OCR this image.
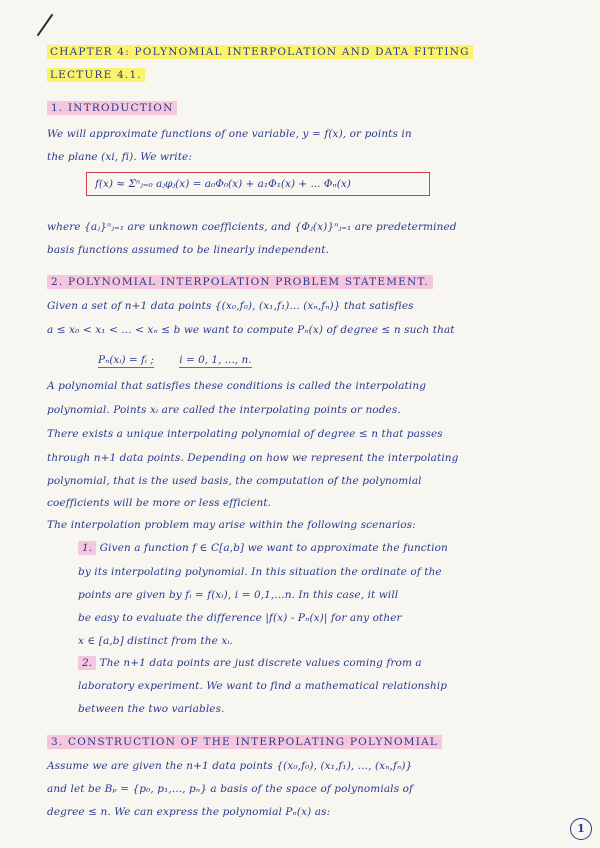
CHAPTER 4: POLYNOMIAL INTERPOLATION AND DATA FITTING
LECTURE 4.1.
1. INTRODUCTION
We will approximate functions of one variable, y = f(x), or points in
the plane (xi, fi). We write:
f(x) ≈ Σⁿⱼ₌₀ aⱼφⱼ(x) = a₀Φ₀(x) + a₁Φ₁(x) + ... Φₙ(x)
where {aⱼ}ⁿⱼ₌₁ are unknown coefficients, and {Φⱼ(x)}ⁿⱼ₌₁ are predetermined
basis functions assumed to be linearly independent.
2. POLYNOMIAL INTERPOLATION PROBLEM STATEMENT.
Given a set of n+1 data points {(x₀,f₀), (x₁,f₁)... (xₙ,fₙ)} that satisfies
a ≤ x₀ < x₁ < ... < xₙ ≤ b we want to compute Pₙ(x) of degree ≤ n such that
Pₙ(xᵢ) = fᵢ ; i = 0, 1, ..., n.
A polynomial that satisfies these conditions is called the interpolating
polynomial. Points xᵢ are called the interpolating points or nodes.
There exists a unique interpolating polynomial of degree ≤ n that passes
through n+1 data points. Depending on how we represent the interpolating
polynomial, that is the used basis, the computation of the polynomial
coefficients will be more or less efficient.
The interpolation problem may arise within the following scenarios:
1. Given a function f ∈ C[a,b] we want to approximate the function
by its interpolating polynomial. In this situation the ordinate of the
points are given by fᵢ = f(xᵢ), i = 0,1,...n. In this case, it will
be easy to evaluate the difference |f(x) - Pₙ(x)| for any other
x ∈ [a,b] distinct from the xᵢ.
2. The n+1 data points are just discrete values coming from a
laboratory experiment. We want to find a mathematical relationship
between the two variables.
3. CONSTRUCTION OF THE INTERPOLATING POLYNOMIAL
Assume we are given the n+1 data points {(x₀,f₀), (x₁,f₁), ..., (xₙ,fₙ)}
and let be Bₚ = {p₀, p₁,..., pₙ} a basis of the space of polynomials of
degree ≤ n. We can express the polynomial Pₙ(x) as:
1
